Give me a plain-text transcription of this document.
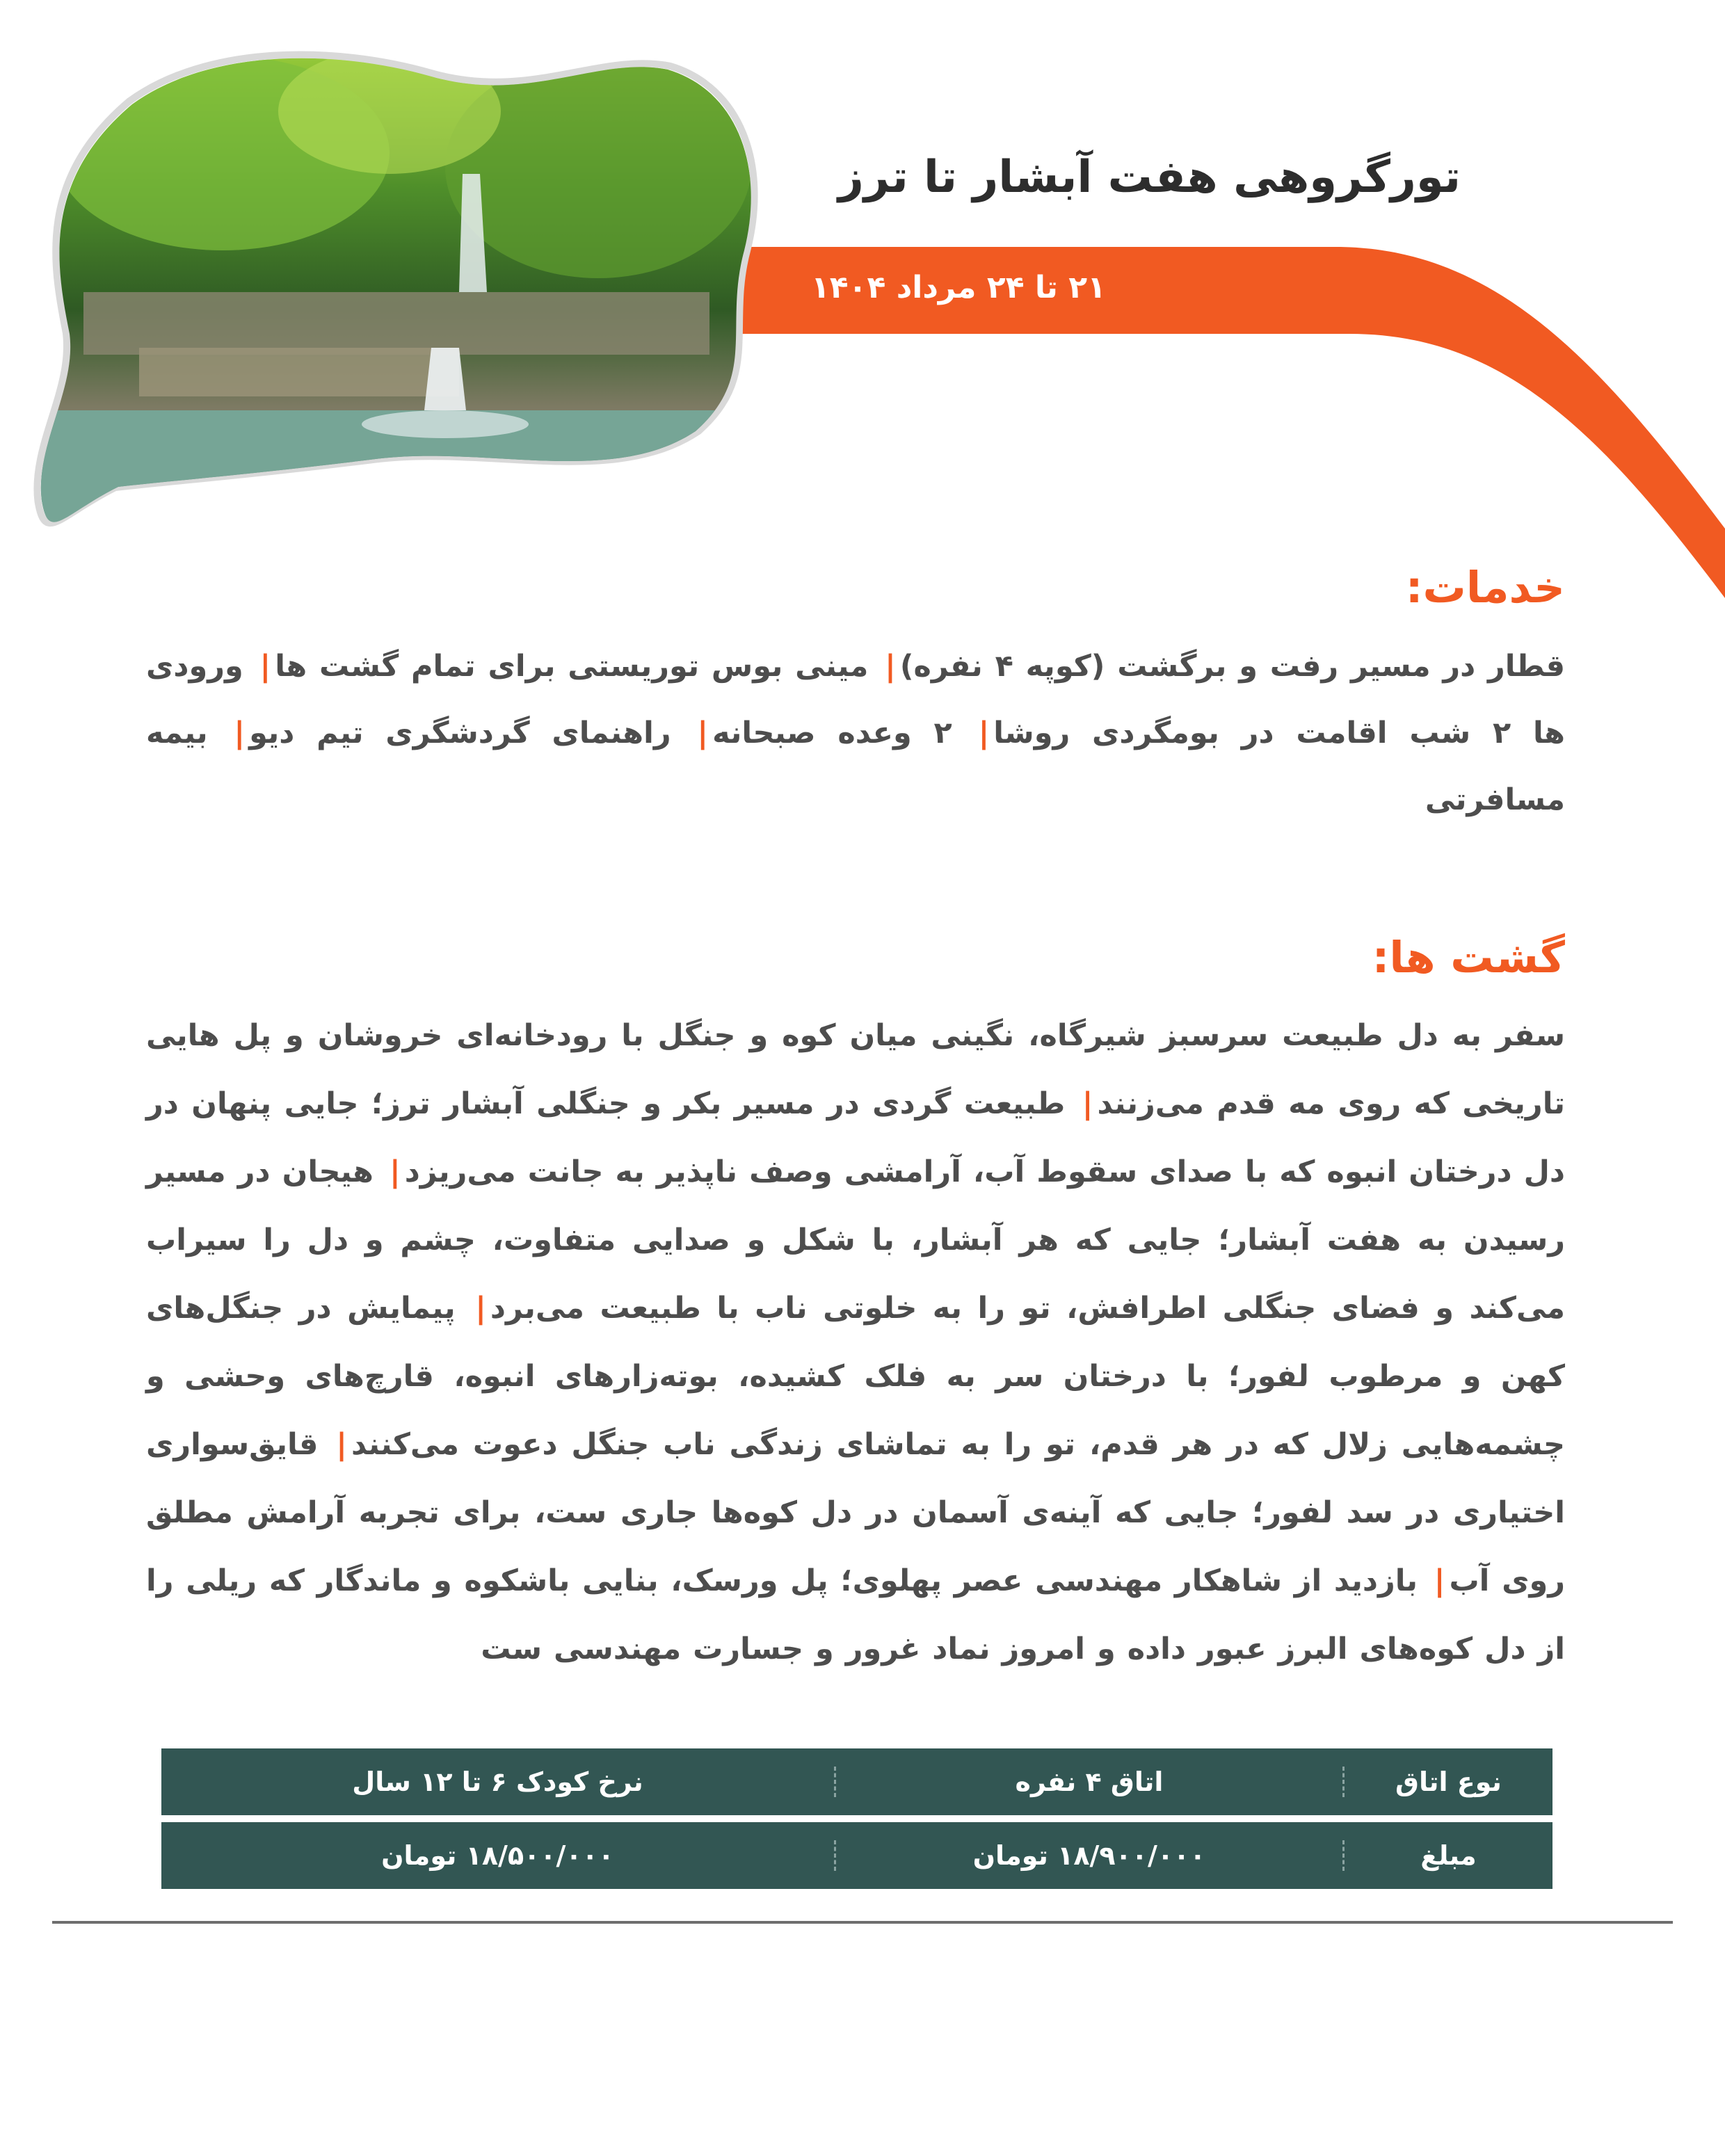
تورگروهی هفت آبشار تا ترز
۲۱ تا ۲۴ مرداد ۱۴۰۴
خدمات:
قطار در مسیر رفت و برگشت (کوپه ۴ نفره)| مینی بوس توریستی برای تمام گشت ها| ورودی ها ۲ شب اقامت در بومگردی روشا| ۲ وعده صبحانه| راهنمای گردشگری تیم دیو| بیمه مسافرتی
گشت ها:
سفر به دل طبیعت سرسبز شیرگاه، نگینی میان کوه و جنگل با رودخانه‌ای خروشان و پل هایی تاریخی که روی مه قدم می‌زنند| طبیعت گردی در مسیر بکر و جنگلی آبشار ترز؛ جایی پنهان در دل درختان انبوه که با صدای سقوط آب، آرامشی وصف ناپذیر به جانت می‌ریزد| هیجان در مسیر رسیدن به هفت آبشار؛ جایی که هر آبشار، با شکل و صدایی متفاوت، چشم و دل را سیراب می‌کند و فضای جنگلی اطرافش، تو را به خلوتی ناب با طبیعت می‌برد| پیمایش در جنگل‌های کهن و مرطوب لفور؛ با درختان سر به فلک کشیده، بوته‌زارهای انبوه، قارچ‌های وحشی و چشمه‌هایی زلال که در هر قدم، تو را به تماشای زندگی ناب جنگل دعوت می‌کنند| قایق‌سواری اختیاری در سد لفور؛ جایی که آینه‌ی آسمان در دل کوه‌ها جاری ست، برای تجربه آرامش مطلق روی آب| بازدید از شاهکار مهندسی عصر پهلوی؛ پل ورسک، بنایی باشکوه و ماندگار که ریلی را از دل کوه‌های البرز عبور داده و امروز نماد غرور و جسارت مهندسی ست
نوع اتاق
اتاق ۴ نفره
نرخ کودک ۶ تا ۱۲ سال
مبلغ
۱۸/۹۰۰/۰۰۰ تومان
۱۸/۵۰۰/۰۰۰ تومان
